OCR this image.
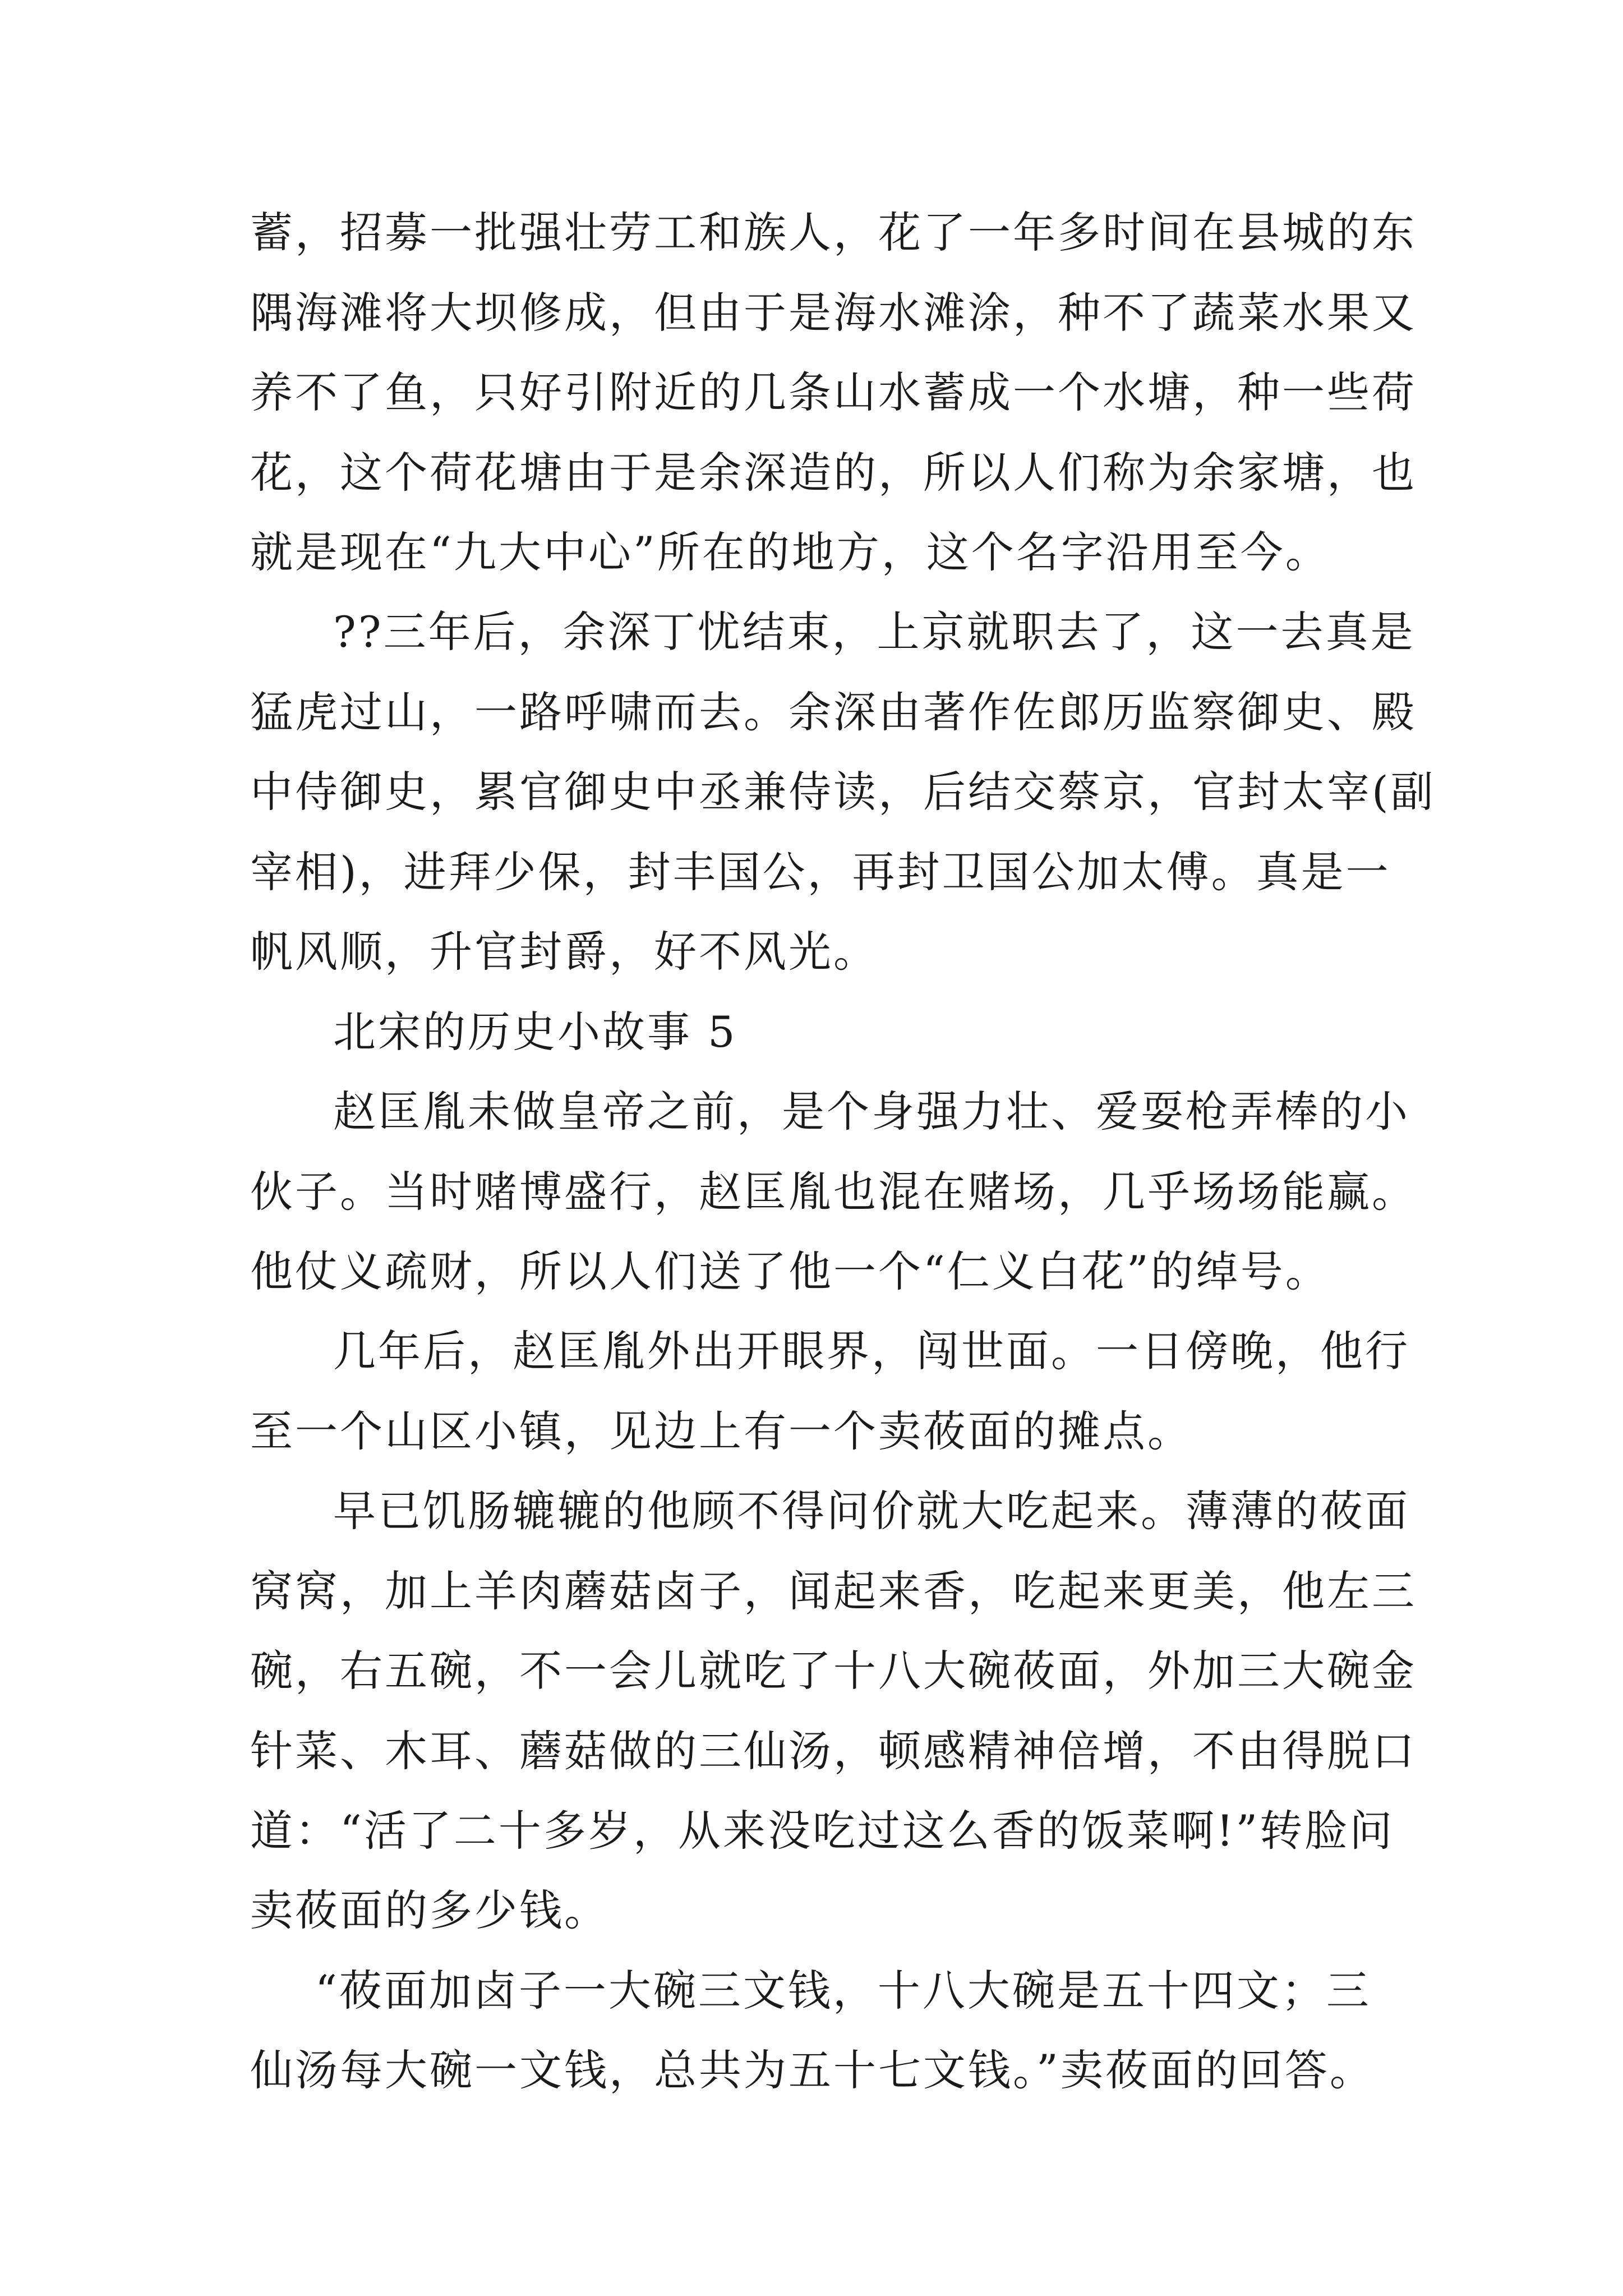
蓄，招募一批强壮劳工和族人，花了一年多时间在县城的东

隅海滩将大坝修成，但由于是海水滩涂，种不了蔬菜水果又

养不了鱼，只好引附近的几条山水蓄成一个水塘，种一些荷

花，这个荷花塘由于是余深造的，所以人们称为余家塘，也

就是现在“九大中心”所在的地方，这个名字沿用至今。

??三年后，余深丁忧结束，上京就职去了，这一去真是

猛虎过山，一路呼啸而去。余深由著作佐郎历监察御史、殿

中侍御史，累官御史中丞兼侍读，后结交蔡京，官封太宰(副

宰相)，进拜少保，封丰国公，再封卫国公加太傅。真是一

帆风顺，升官封爵，好不风光。

北宋的历史小故事 5

赵匡胤未做皇帝之前，是个身强力壮、爱耍枪弄棒的小

伙子。当时赌博盛行，赵匡胤也混在赌场，几乎场场能赢。

他仗义疏财，所以人们送了他一个“仁义白花”的绰号。

几年后，赵匡胤外出开眼界，闯世面。一日傍晚，他行

至一个山区小镇，见边上有一个卖莜面的摊点。

早已饥肠辘辘的他顾不得问价就大吃起来。薄薄的莜面

窝窝，加上羊肉蘑菇卤子，闻起来香，吃起来更美，他左三

碗，右五碗，不一会儿就吃了十八大碗莜面，外加三大碗金

针菜、木耳、蘑菇做的三仙汤，顿感精神倍增，不由得脱口

道：“活了二十多岁，从来没吃过这么香的饭菜啊!”转脸问

卖莜面的多少钱。

“莜面加卤子一大碗三文钱，十八大碗是五十四文；三

仙汤每大碗一文钱，总共为五十七文钱。”卖莜面的回答。
